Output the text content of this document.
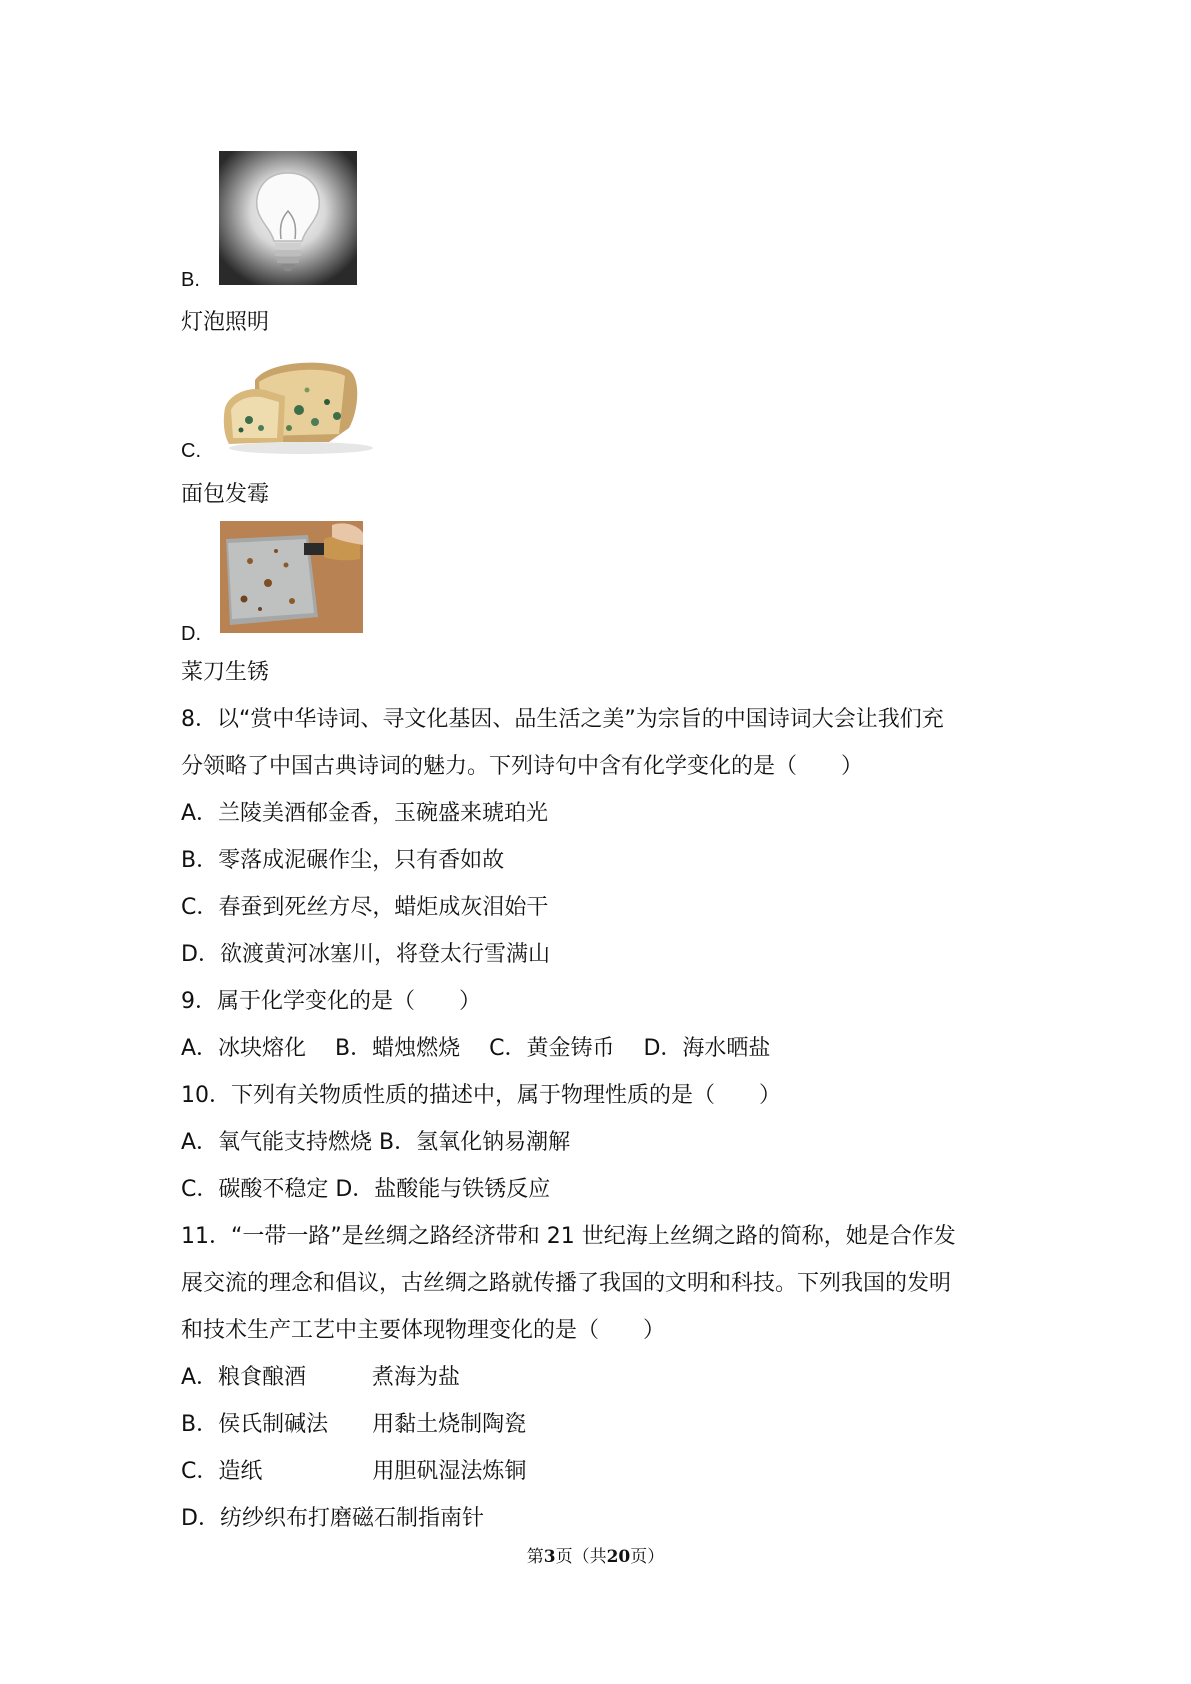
B.
灯泡照明
C.
面包发霉
D.
菜刀生锈
8．以“赏中华诗词、寻文化基因、品生活之美”为宗旨的中国诗词大会让我们充
分领略了中国古典诗词的魅力。下列诗句中含有化学变化的是（　　）
A．兰陵美酒郁金香，玉碗盛来琥珀光
B．零落成泥碾作尘，只有香如故
C．春蚕到死丝方尽，蜡炬成灰泪始干
D．欲渡黄河冰塞川，将登太行雪满山
9．属于化学变化的是（　　）
A．冰块熔化　 B．蜡烛燃烧　 C．黄金铸币　 D．海水晒盐
10．下列有关物质性质的描述中，属于物理性质的是（　　）
A．氧气能支持燃烧 B．氢氧化钠易潮解
C．碳酸不稳定 D．盐酸能与铁锈反应
11．“一带一路”是丝绸之路经济带和 21 世纪海上丝绸之路的简称，她是合作发
展交流的理念和倡议，古丝绸之路就传播了我国的文明和科技。下列我国的发明
和技术生产工艺中主要体现物理变化的是（　　）
A．粮食酿酒　　　煮海为盐
B．侯氏制碱法　　用黏土烧制陶瓷
C．造纸　　　　　用胆矾湿法炼铜
D．纺纱织布打磨磁石制指南针
第3页（共20页）
